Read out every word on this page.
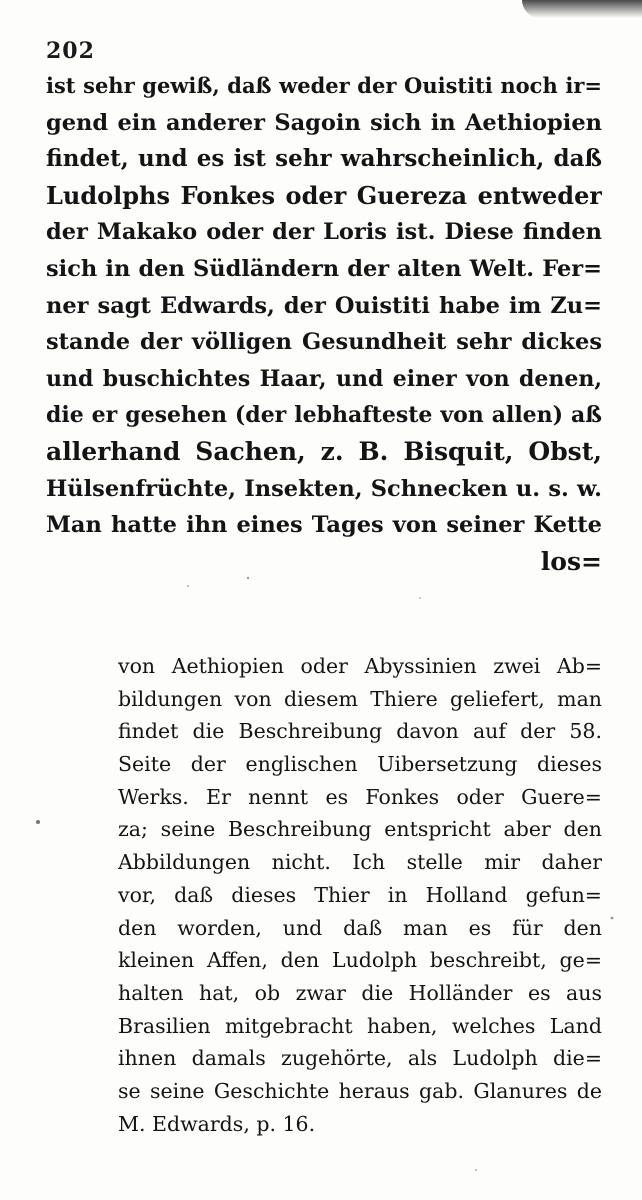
202
ist sehr gewiß, daß weder der Ouistiti noch ir=
gend ein anderer Sagoin sich in Aethiopien
findet, und es ist sehr wahrscheinlich, daß
Ludolphs Fonkes oder Guereza entweder
der Makako oder der Loris ist. Diese finden
sich in den Südländern der alten Welt. Fer=
ner sagt Edwards, der Ouistiti habe im Zu=
stande der völligen Gesundheit sehr dickes
und buschichtes Haar, und einer von denen,
die er gesehen (der lebhafteste von allen) aß
allerhand Sachen, z. B. Bisquit, Obst,
Hülsenfrüchte, Insekten, Schnecken u. s. w.
Man hatte ihn eines Tages von seiner Kette
los=
von Aethiopien oder Abyssinien zwei Ab=
bildungen von diesem Thiere geliefert, man
findet die Beschreibung davon auf der 58.
Seite der englischen Uibersetzung dieses
Werks. Er nennt es Fonkes oder Guere=
za; seine Beschreibung entspricht aber den
Abbildungen nicht. Ich stelle mir daher
vor, daß dieses Thier in Holland gefun=
den worden, und daß man es für den
kleinen Affen, den Ludolph beschreibt, ge=
halten hat, ob zwar die Holländer es aus
Brasilien mitgebracht haben, welches Land
ihnen damals zugehörte, als Ludolph die=
se seine Geschichte heraus gab. Glanures de
M. Edwards, p. 16.
